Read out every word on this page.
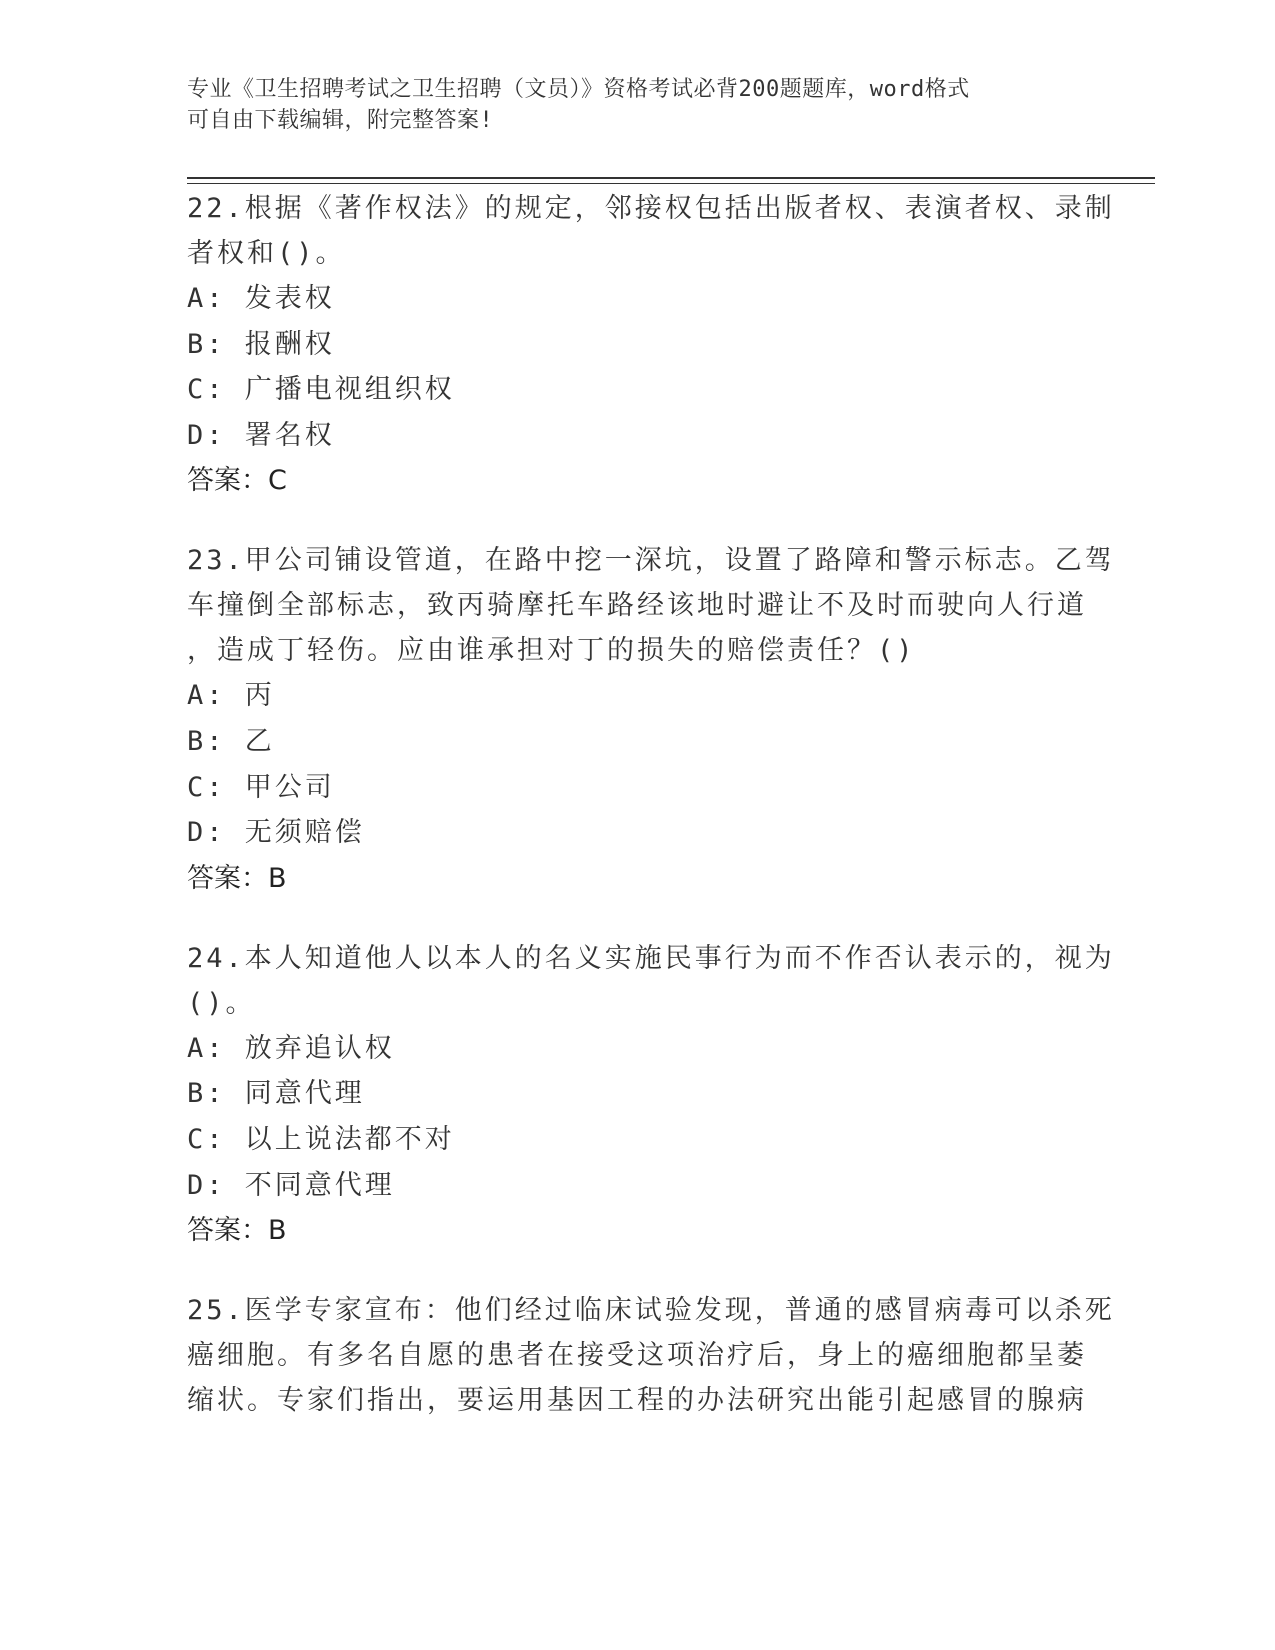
专业《卫生招聘考试之卫生招聘（文员）》资格考试必背200题题库，word格式
可自由下载编辑，附完整答案!
22.根据《著作权法》的规定，邻接权包括出版者权、表演者权、录制
者权和()。
A: 发表权
B: 报酬权
C: 广播电视组织权
D: 署名权
答案：C
23.甲公司铺设管道，在路中挖一深坑，设置了路障和警示标志。乙驾
车撞倒全部标志，致丙骑摩托车路经该地时避让不及时而驶向人行道
，造成丁轻伤。应由谁承担对丁的损失的赔偿责任？()
A: 丙
B: 乙
C: 甲公司
D: 无须赔偿
答案：B
24.本人知道他人以本人的名义实施民事行为而不作否认表示的，视为
()。
A: 放弃追认权
B: 同意代理
C: 以上说法都不对
D: 不同意代理
答案：B
25.医学专家宣布：他们经过临床试验发现，普通的感冒病毒可以杀死
癌细胞。有多名自愿的患者在接受这项治疗后，身上的癌细胞都呈萎
缩状。专家们指出，要运用基因工程的办法研究出能引起感冒的腺病
